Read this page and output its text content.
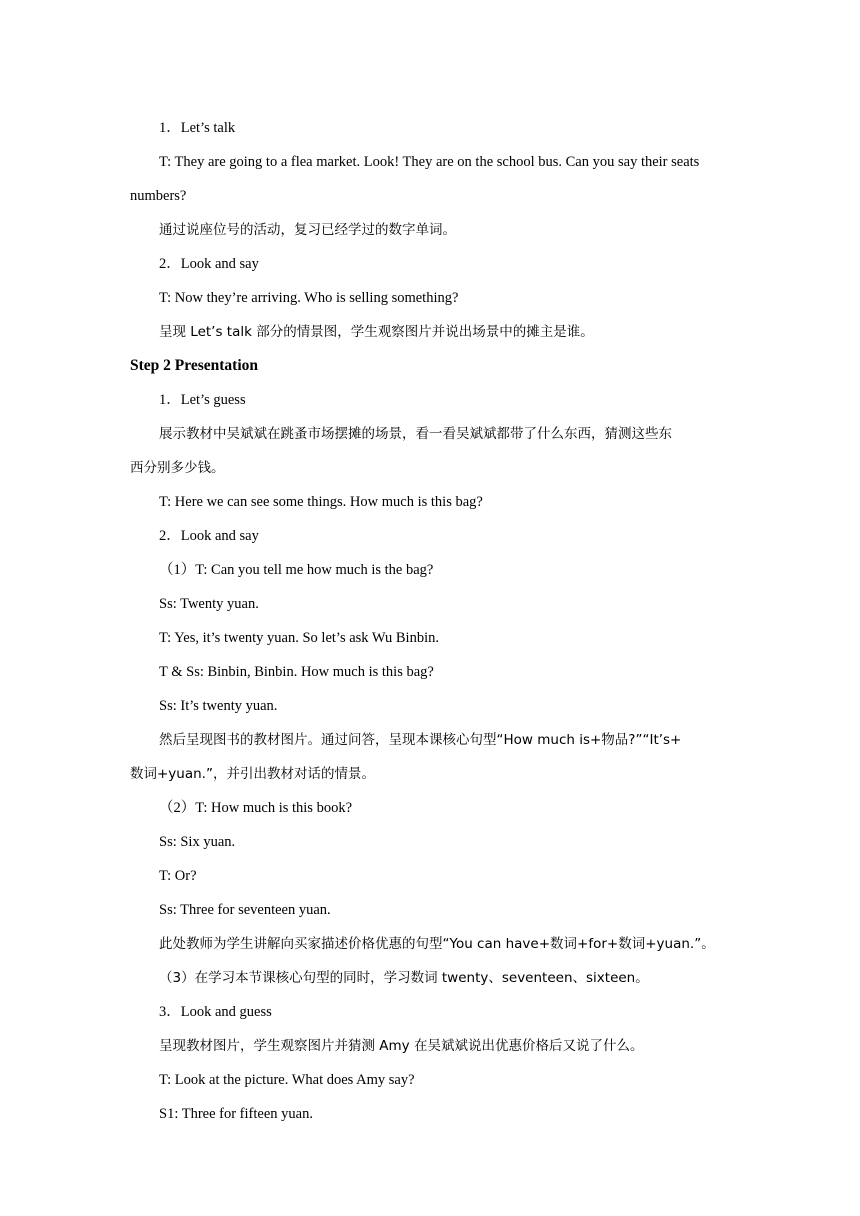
1．Let’s talk

T: They are going to a flea market. Look! They are on the school bus. Can you say their seats

numbers?

通过说座位号的活动，复习已经学过的数字单词。

2．Look and say

T: Now they’re arriving. Who is selling something?

呈现 Let’s talk 部分的情景图，学生观察图片并说出场景中的摊主是谁。

Step 2 Presentation

1．Let’s guess

展示教材中吴斌斌在跳蚤市场摆摊的场景，看一看吴斌斌都带了什么东西，猜测这些东

西分别多少钱。

T: Here we can see some things. How much is this bag?

2．Look and say

（1）T: Can you tell me how much is the bag?

Ss: Twenty yuan.

T: Yes, it’s twenty yuan. So let’s ask Wu Binbin.

T & Ss: Binbin, Binbin. How much is this bag?

Ss: It’s twenty yuan.

然后呈现图书的教材图片。通过问答，呈现本课核心句型“How much is+物品?”“It’s+

数词+yuan.”，并引出教材对话的情景。

（2）T: How much is this book?

Ss: Six yuan.

T: Or?

Ss: Three for seventeen yuan.

此处教师为学生讲解向买家描述价格优惠的句型“You can have+数词+for+数词+yuan.”。

（3）在学习本节课核心句型的同时，学习数词 twenty、seventeen、sixteen。

3．Look and guess

呈现教材图片，学生观察图片并猜测 Amy 在吴斌斌说出优惠价格后又说了什么。

T: Look at the picture. What does Amy say?

S1: Three for fifteen yuan.
